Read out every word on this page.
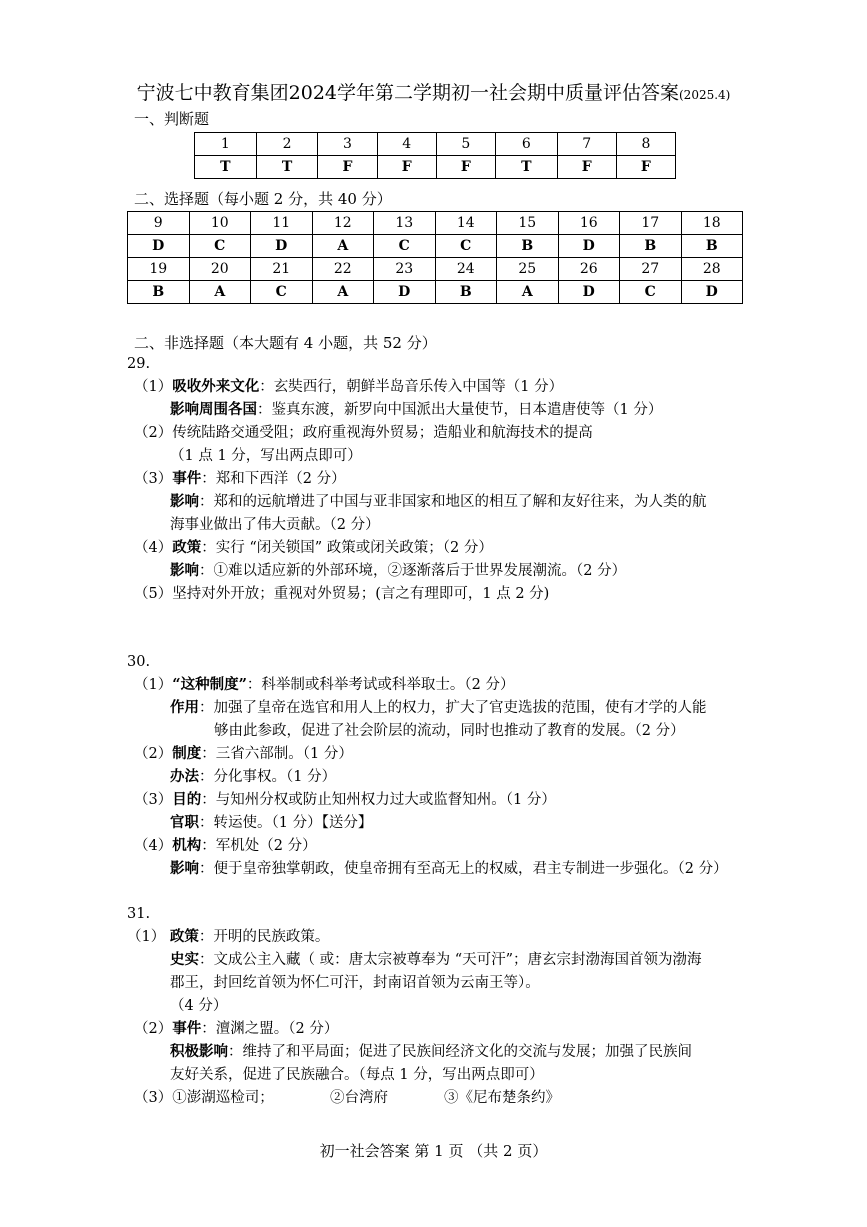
宁波七中教育集团2024学年第二学期初一社会期中质量评估答案(2025.4)
一、判断题
1	2	3	4	5	6	7	8
T	T	F	F	F	T	F	F
二、选择题（每小题 2 分，共 40 分）
9	10	11	12	13	14	15	16	17	18
D	C	D	A	C	C	B	D	B	B
19	20	21	22	23	24	25	26	27	28
B	A	C	A	D	B	A	D	C	D
二、非选择题（本大题有 4 小题，共 52 分）
29.
（1）吸收外来文化：玄奘西行，朝鲜半岛音乐传入中国等（1 分）
影响周围各国：鉴真东渡，新罗向中国派出大量使节，日本遣唐使等（1 分）
（2）传统陆路交通受阻；政府重视海外贸易；造船业和航海技术的提高
（1 点 1 分，写出两点即可）
（3）事件：郑和下西洋（2 分）
影响：郑和的远航增进了中国与亚非国家和地区的相互了解和友好往来，为人类的航
海事业做出了伟大贡献。（2 分）
（4）政策：实行 “闭关锁国” 政策或闭关政策；（2 分）
影响：①难以适应新的外部环境，②逐渐落后于世界发展潮流。（2 分）
（5）坚持对外开放；重视对外贸易；(言之有理即可，1 点 2 分)
30.
（1）“这种制度”：科举制或科举考试或科举取士。（2 分）
作用：加强了皇帝在选官和用人上的权力，扩大了官吏选拔的范围，使有才学的人能
够由此参政，促进了社会阶层的流动，同时也推动了教育的发展。（2 分）
（2）制度：三省六部制。（1 分）
办法：分化事权。（1 分）
（3）目的：与知州分权或防止知州权力过大或监督知州。（1 分）
官职：转运使。（1 分）【送分】
（4）机构：军机处（2 分）
影响：便于皇帝独掌朝政，使皇帝拥有至高无上的权威，君主专制进一步强化。（2 分）
31.
（1） 政策：开明的民族政策。
史实：文成公主入藏（ 或：唐太宗被尊奉为 “天可汗”；唐玄宗封渤海国首领为渤海
郡王，封回纥首领为怀仁可汗，封南诏首领为云南王等）。
（4 分）
（2）事件：澶渊之盟。（2 分）
积极影响：维持了和平局面；促进了民族间经济文化的交流与发展；加强了民族间
友好关系，促进了民族融合。（每点 1 分，写出两点即可）
（3）①澎湖巡检司；	②台湾府	③《尼布楚条约》
初一社会答案 第 1 页 （共 2 页）
